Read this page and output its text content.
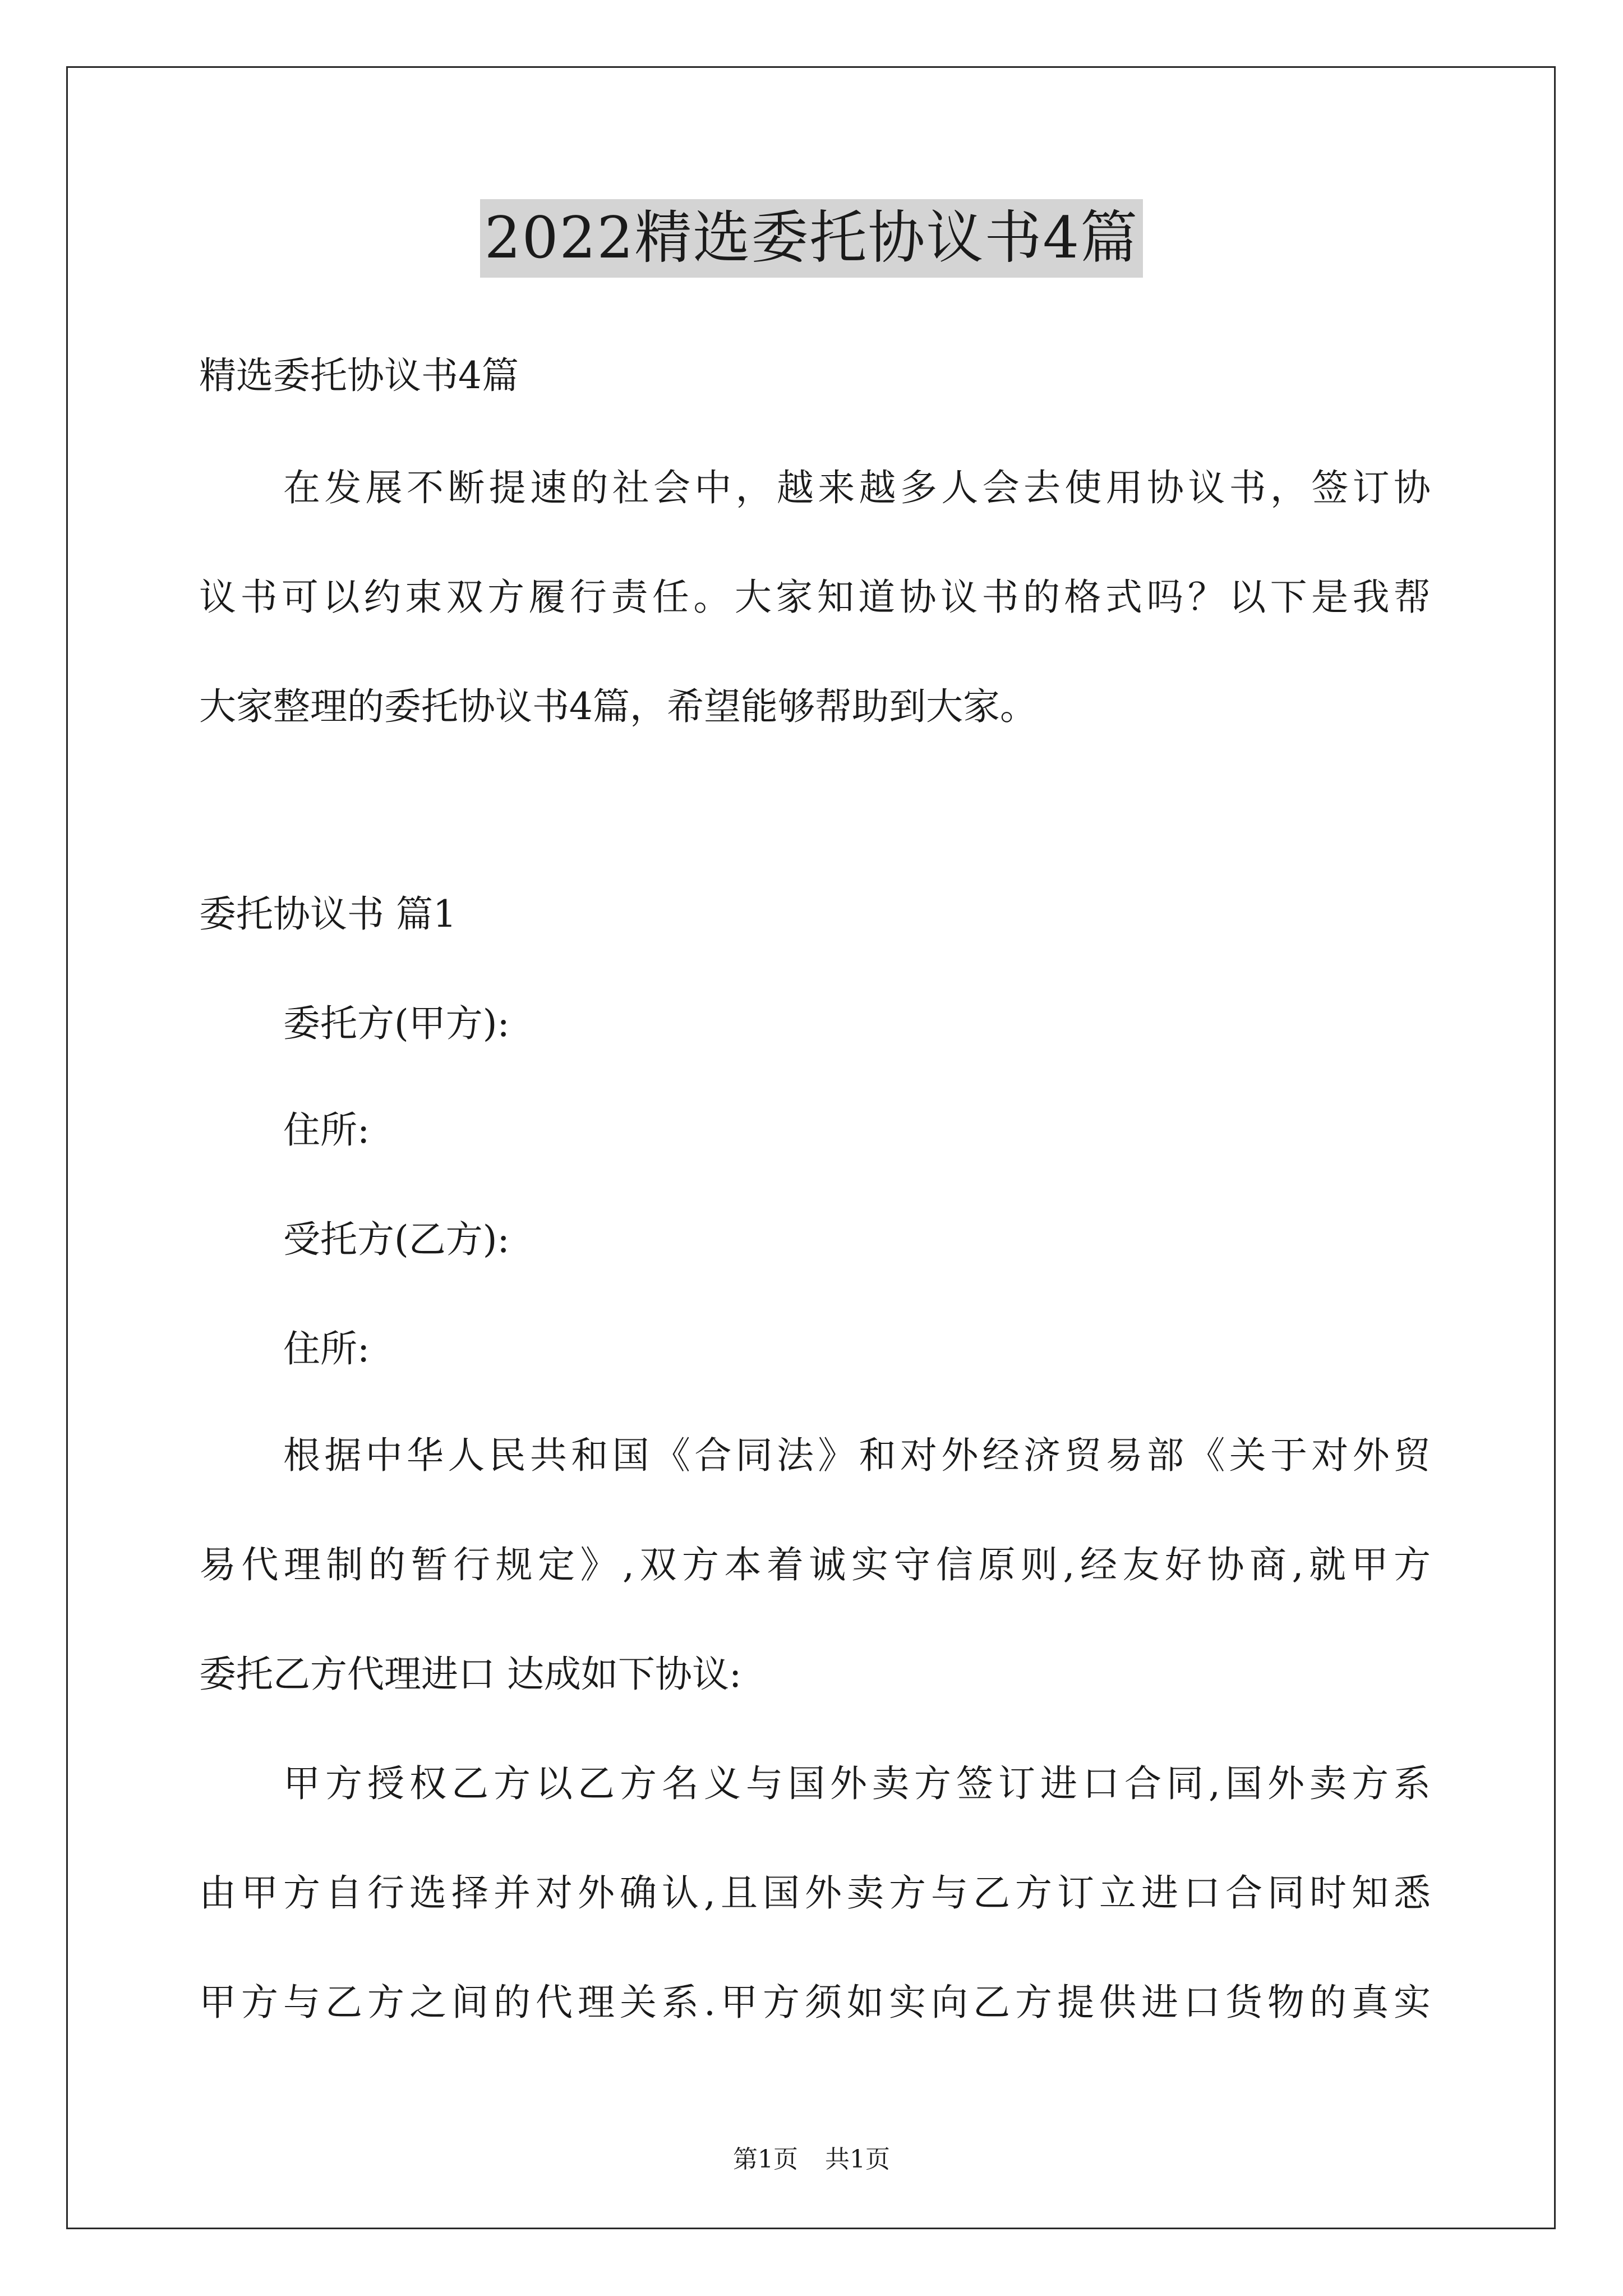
2022精选委托协议书4篇
精选委托协议书4篇
在发展不断提速的社会中，越来越多人会去使用协议书，签订协
议书可以约束双方履行责任。大家知道协议书的格式吗？以下是我帮
大家整理的委托协议书4篇，希望能够帮助到大家。
委托协议书 篇1
委托方(甲方):
住所:
受托方(乙方):
住所:
根据中华人民共和国《合同法》和对外经济贸易部《关于对外贸
易代理制的暂行规定》,双方本着诚实守信原则,经友好协商,就甲方
委托乙方代理进口 达成如下协议:
甲方授权乙方以乙方名义与国外卖方签订进口合同,国外卖方系
由甲方自行选择并对外确认,且国外卖方与乙方订立进口合同时知悉
甲方与乙方之间的代理关系.甲方须如实向乙方提供进口货物的真实
第1页 共1页
